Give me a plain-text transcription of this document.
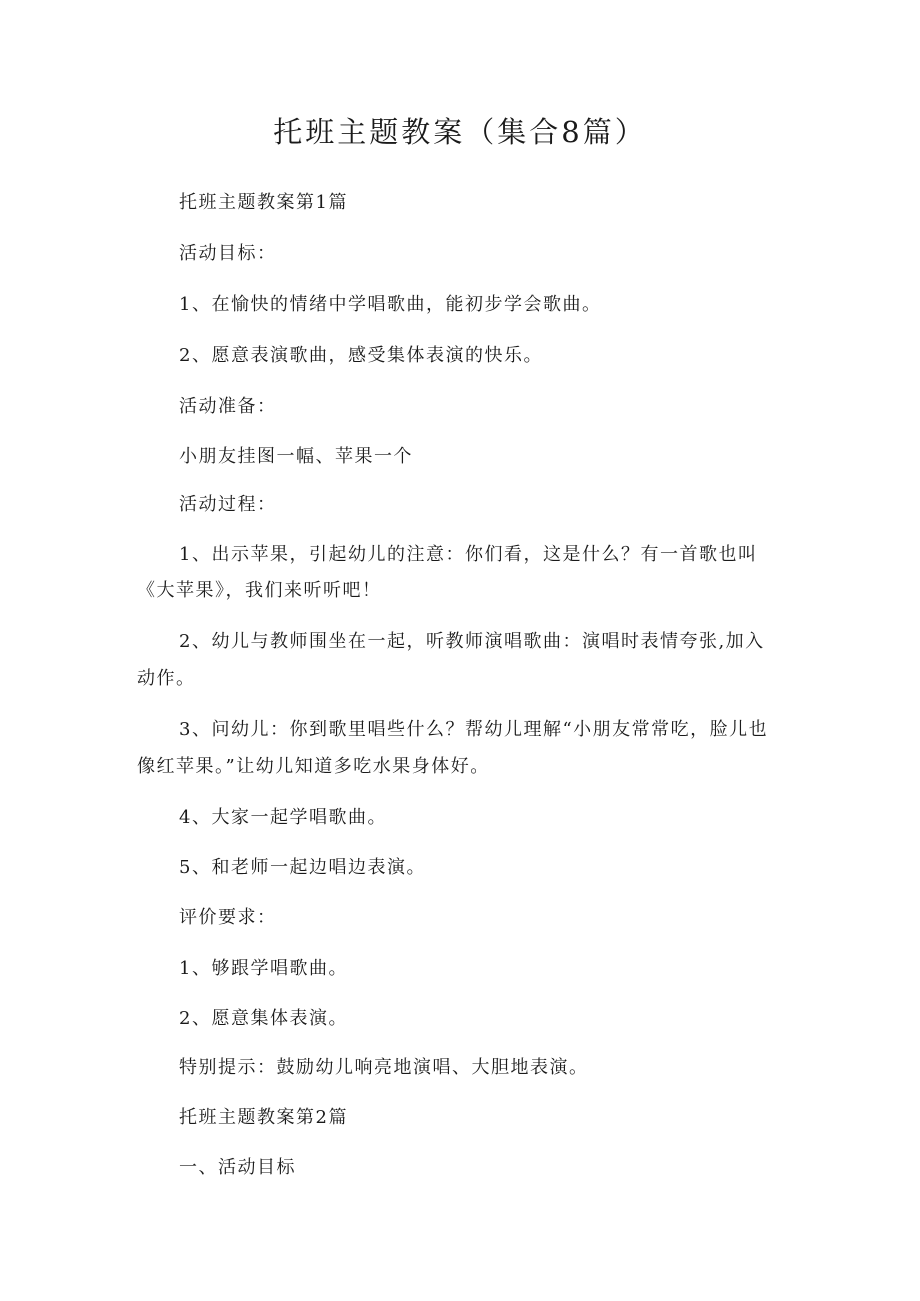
托班主题教案（集合8篇）

托班主题教案第1篇

活动目标：

1、在愉快的情绪中学唱歌曲，能初步学会歌曲。

2、愿意表演歌曲，感受集体表演的快乐。

活动准备：

小朋友挂图一幅、苹果一个

活动过程：

1、出示苹果，引起幼儿的注意：你们看，这是什么？有一首歌也叫

《大苹果》，我们来听听吧！

2、幼儿与教师围坐在一起，听教师演唱歌曲：演唱时表情夸张,加入

动作。

3、问幼儿：你到歌里唱些什么？帮幼儿理解“小朋友常常吃，脸儿也

像红苹果。”让幼儿知道多吃水果身体好。

4、大家一起学唱歌曲。

5、和老师一起边唱边表演。

评价要求：

1、够跟学唱歌曲。

2、愿意集体表演。

特别提示：鼓励幼儿响亮地演唱、大胆地表演。

托班主题教案第2篇

一、活动目标
